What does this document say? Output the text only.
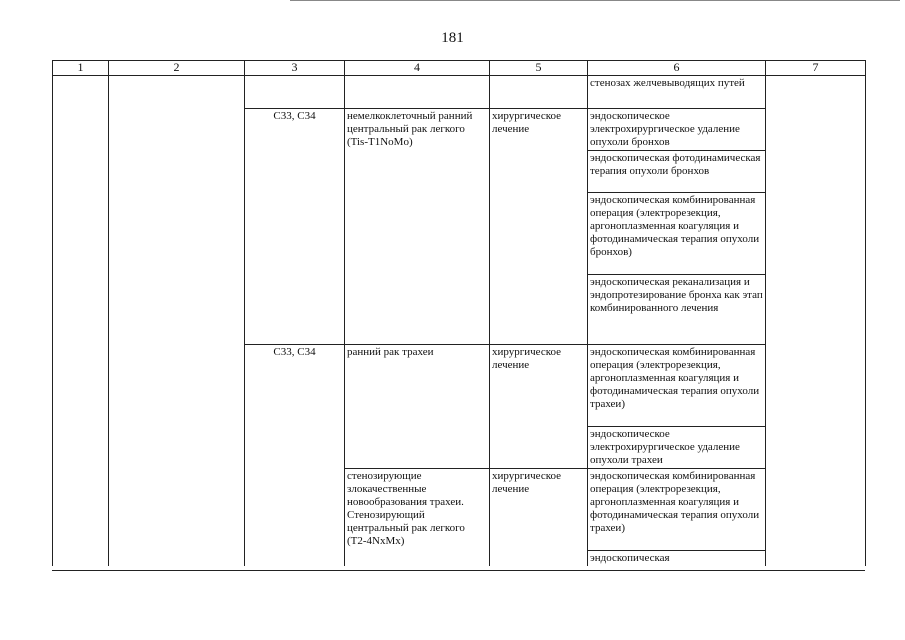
181
1	2	3	4	5	6	7
					стенозах желчевыводящих путей	
		C33, C34	немелкоклеточный ранний центральный рак легкого (Tis-T1NoMo)	хирургическое лечение	эндоскопическое электрохирургическое удаление опухоли бронхов	
					эндоскопическая фотодинамическая терапия опухоли бронхов	
					эндоскопическая комбинированная операция (электрорезекция, аргоноплазменная коагуляция и фотодинамическая терапия опухоли бронхов)	
					эндоскопическая реканализация и эндопротезирование бронха как этап комбинированного лечения	
		C33, C34	ранний рак трахеи	хирургическое лечение	эндоскопическая комбинированная операция (электрорезекция, аргоноплазменная коагуляция и фотодинамическая терапия опухоли трахеи)	
					эндоскопическое электрохирургическое удаление опухоли трахеи	
			стенозирующие злокачественные новообразования трахеи. Стенозирующий центральный рак легкого (T2-4NxMx)	хирургическое лечение	эндоскопическая комбинированная операция (электрорезекция, аргоноплазменная коагуляция и фотодинамическая терапия опухоли трахеи)	
					эндоскопическая	
